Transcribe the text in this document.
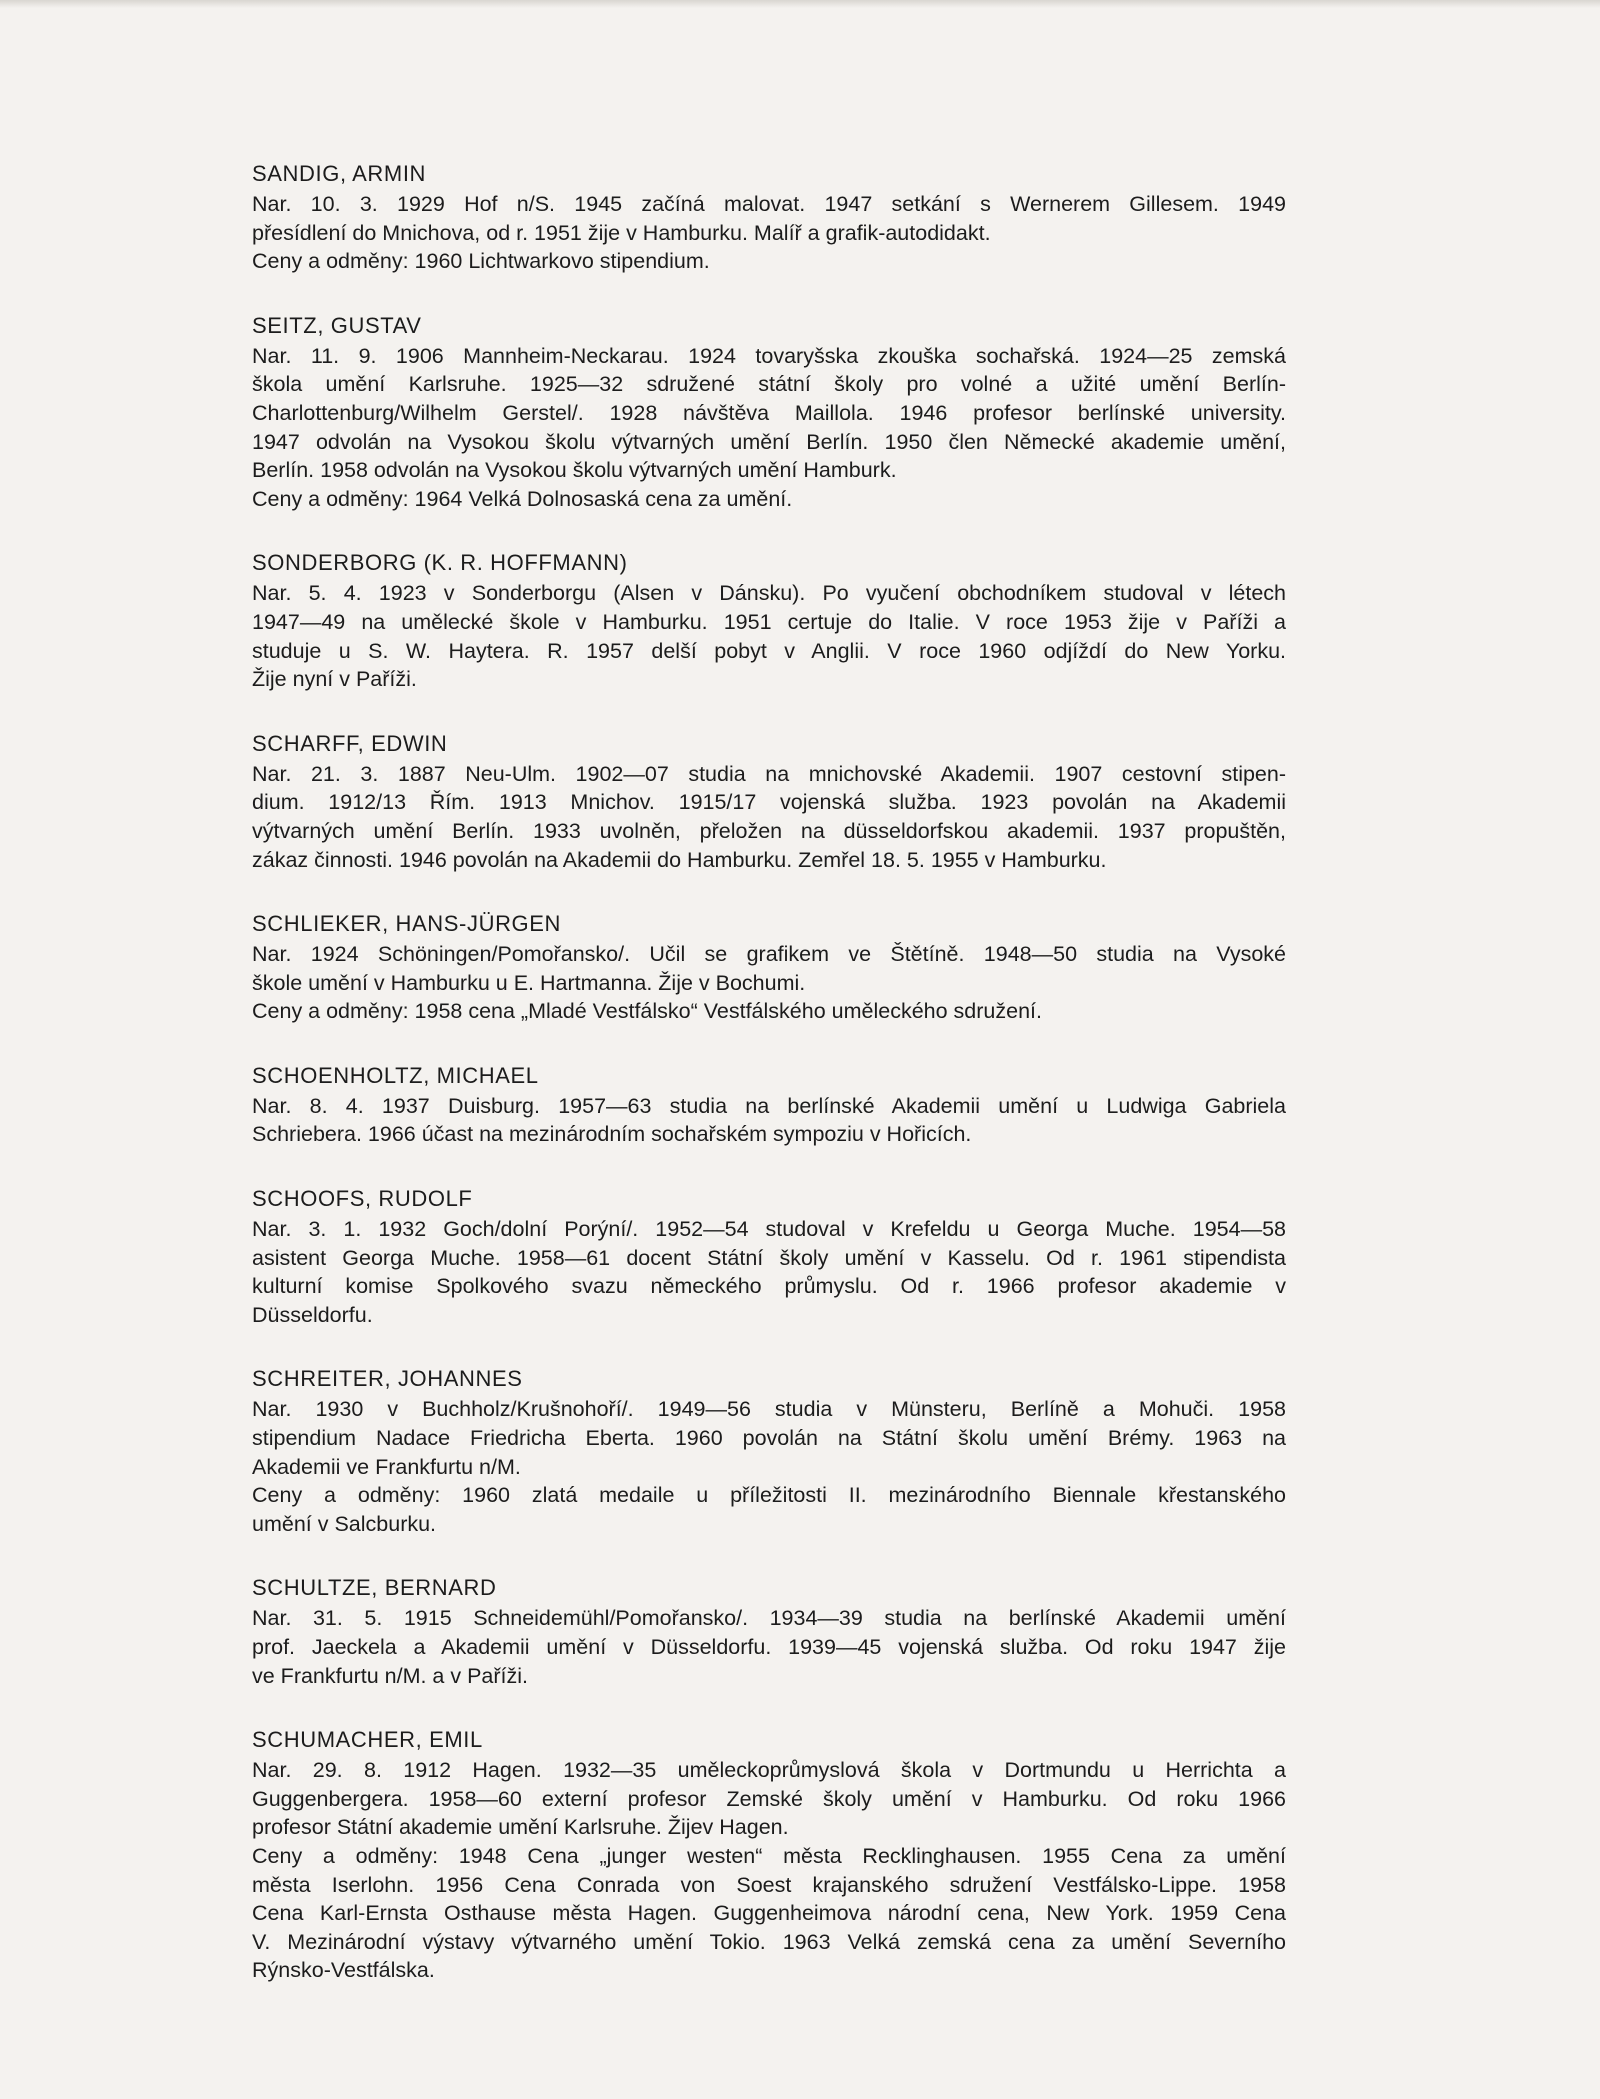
SANDIG, ARMIN
Nar. 10. 3. 1929 Hof n/S. 1945 začíná malovat. 1947 setkání s Wernerem Gillesem. 1949
přesídlení do Mnichova, od r. 1951 žije v Hamburku. Malíř a grafik-autodidakt.
Ceny a odměny: 1960 Lichtwarkovo stipendium.
SEITZ, GUSTAV
Nar. 11. 9. 1906 Mannheim-Neckarau. 1924 tovaryšska zkouška sochařská. 1924—25 zemská
škola umění Karlsruhe. 1925—32 sdružené státní školy pro volné a užité umění Berlín-
Charlottenburg/Wilhelm Gerstel/. 1928 návštěva Maillola. 1946 profesor berlínské university.
1947 odvolán na Vysokou školu výtvarných umění Berlín. 1950 člen Německé akademie umění,
Berlín. 1958 odvolán na Vysokou školu výtvarných umění Hamburk.
Ceny a odměny: 1964 Velká Dolnosaská cena za umění.
SONDERBORG (K. R. HOFFMANN)
Nar. 5. 4. 1923 v Sonderborgu (Alsen v Dánsku). Po vyučení obchodníkem studoval v létech
1947—49 na umělecké škole v Hamburku. 1951 certuje do Italie. V roce 1953 žije v Paříži a
studuje u S. W. Haytera. R. 1957 delší pobyt v Anglii. V roce 1960 odjíždí do New Yorku.
Žije nyní v Paříži.
SCHARFF, EDWIN
Nar. 21. 3. 1887 Neu-Ulm. 1902—07 studia na mnichovské Akademii. 1907 cestovní stipen-
dium. 1912/13 Řím. 1913 Mnichov. 1915/17 vojenská služba. 1923 povolán na Akademii
výtvarných umění Berlín. 1933 uvolněn, přeložen na düsseldorfskou akademii. 1937 propuštěn,
zákaz činnosti. 1946 povolán na Akademii do Hamburku. Zemřel 18. 5. 1955 v Hamburku.
SCHLIEKER, HANS-JÜRGEN
Nar. 1924 Schöningen/Pomořansko/. Učil se grafikem ve Štětíně. 1948—50 studia na Vysoké
škole umění v Hamburku u E. Hartmanna. Žije v Bochumi.
Ceny a odměny: 1958 cena „Mladé Vestfálsko“ Vestfálského uměleckého sdružení.
SCHOENHOLTZ, MICHAEL
Nar. 8. 4. 1937 Duisburg. 1957—63 studia na berlínské Akademii umění u Ludwiga Gabriela
Schriebera. 1966 účast na mezinárodním sochařském sympoziu v Hořicích.
SCHOOFS, RUDOLF
Nar. 3. 1. 1932 Goch/dolní Porýní/. 1952—54 studoval v Krefeldu u Georga Muche. 1954—58
asistent Georga Muche. 1958—61 docent Státní školy umění v Kasselu. Od r. 1961 stipendista
kulturní komise Spolkového svazu německého průmyslu. Od r. 1966 profesor akademie v
Düsseldorfu.
SCHREITER, JOHANNES
Nar. 1930 v Buchholz/Krušnohoří/. 1949—56 studia v Münsteru, Berlíně a Mohuči. 1958
stipendium Nadace Friedricha Eberta. 1960 povolán na Státní školu umění Brémy. 1963 na
Akademii ve Frankfurtu n/M.
Ceny a odměny: 1960 zlatá medaile u příležitosti II. mezinárodního Biennale křestanského
umění v Salcburku.
SCHULTZE, BERNARD
Nar. 31. 5. 1915 Schneidemühl/Pomořansko/. 1934—39 studia na berlínské Akademii umění
prof. Jaeckela a Akademii umění v Düsseldorfu. 1939—45 vojenská služba. Od roku 1947 žije
ve Frankfurtu n/M. a v Paříži.
SCHUMACHER, EMIL
Nar. 29. 8. 1912 Hagen. 1932—35 uměleckoprůmyslová škola v Dortmundu u Herrichta a
Guggenbergera. 1958—60 externí profesor Zemské školy umění v Hamburku. Od roku 1966
profesor Státní akademie umění Karlsruhe. Žijev Hagen.
Ceny a odměny: 1948 Cena „junger westen“ města Recklinghausen. 1955 Cena za umění
města Iserlohn. 1956 Cena Conrada von Soest krajanského sdružení Vestfálsko-Lippe. 1958
Cena Karl-Ernsta Osthause města Hagen. Guggenheimova národní cena, New York. 1959 Cena
V. Mezinárodní výstavy výtvarného umění Tokio. 1963 Velká zemská cena za umění Severního
Rýnsko-Vestfálska.
